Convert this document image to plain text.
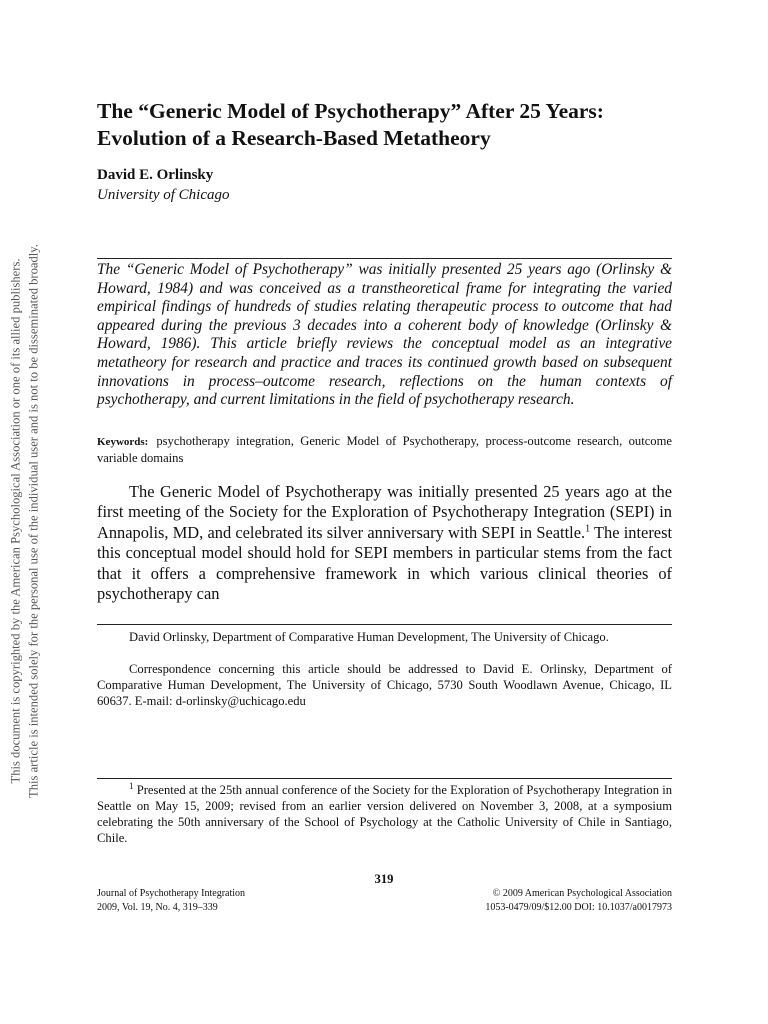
This document is copyrighted by the American Psychological Association or one of its allied publishers. This article is intended solely for the personal use of the individual user and is not to be disseminated broadly.
The “Generic Model of Psychotherapy” After 25 Years: Evolution of a Research-Based Metatheory

David E. Orlinsky

University of Chicago

The “Generic Model of Psychotherapy” was initially presented 25 years ago (Orlinsky & Howard, 1984) and was conceived as a transtheoretical frame for integrating the varied empirical findings of hundreds of studies relating therapeutic process to outcome that had appeared during the previous 3 decades into a coherent body of knowledge (Orlinsky & Howard, 1986). This article briefly reviews the conceptual model as an integrative metatheory for research and practice and traces its continued growth based on subsequent innovations in process–outcome research, reflections on the human contexts of psychotherapy, and current limitations in the field of psychotherapy research.

Keywords: psychotherapy integration, Generic Model of Psychotherapy, process-outcome research, outcome variable domains

The Generic Model of Psychotherapy was initially presented 25 years ago at the first meeting of the Society for the Exploration of Psychotherapy Integration (SEPI) in Annapolis, MD, and celebrated its silver anniversary with SEPI in Seattle.$^1$ The interest this conceptual model should hold for SEPI members in particular stems from the fact that it offers a comprehensive framework in which various clinical theories of psychotherapy can

David Orlinsky, Department of Comparative Human Development, The University of Chicago.

Correspondence concerning this article should be addressed to David E. Orlinsky, Department of Comparative Human Development, The University of Chicago, 5730 South Woodlawn Avenue, Chicago, IL 60637. E-mail: d-orlinsky@uchicago.edu

$^1$ Presented at the 25th annual conference of the Society for the Exploration of Psychotherapy Integration in Seattle on May 15, 2009; revised from an earlier version delivered on November 3, 2008, at a symposium celebrating the 50th anniversary of the School of Psychology at the Catholic University of Chile in Santiago, Chile.

319

Journal of Psychotherapy Integration
2009, Vol. 19, No. 4, 319–339
© 2009 American Psychological Association
1053-0479/09/$12.00 DOI: 10.1037/a0017973
